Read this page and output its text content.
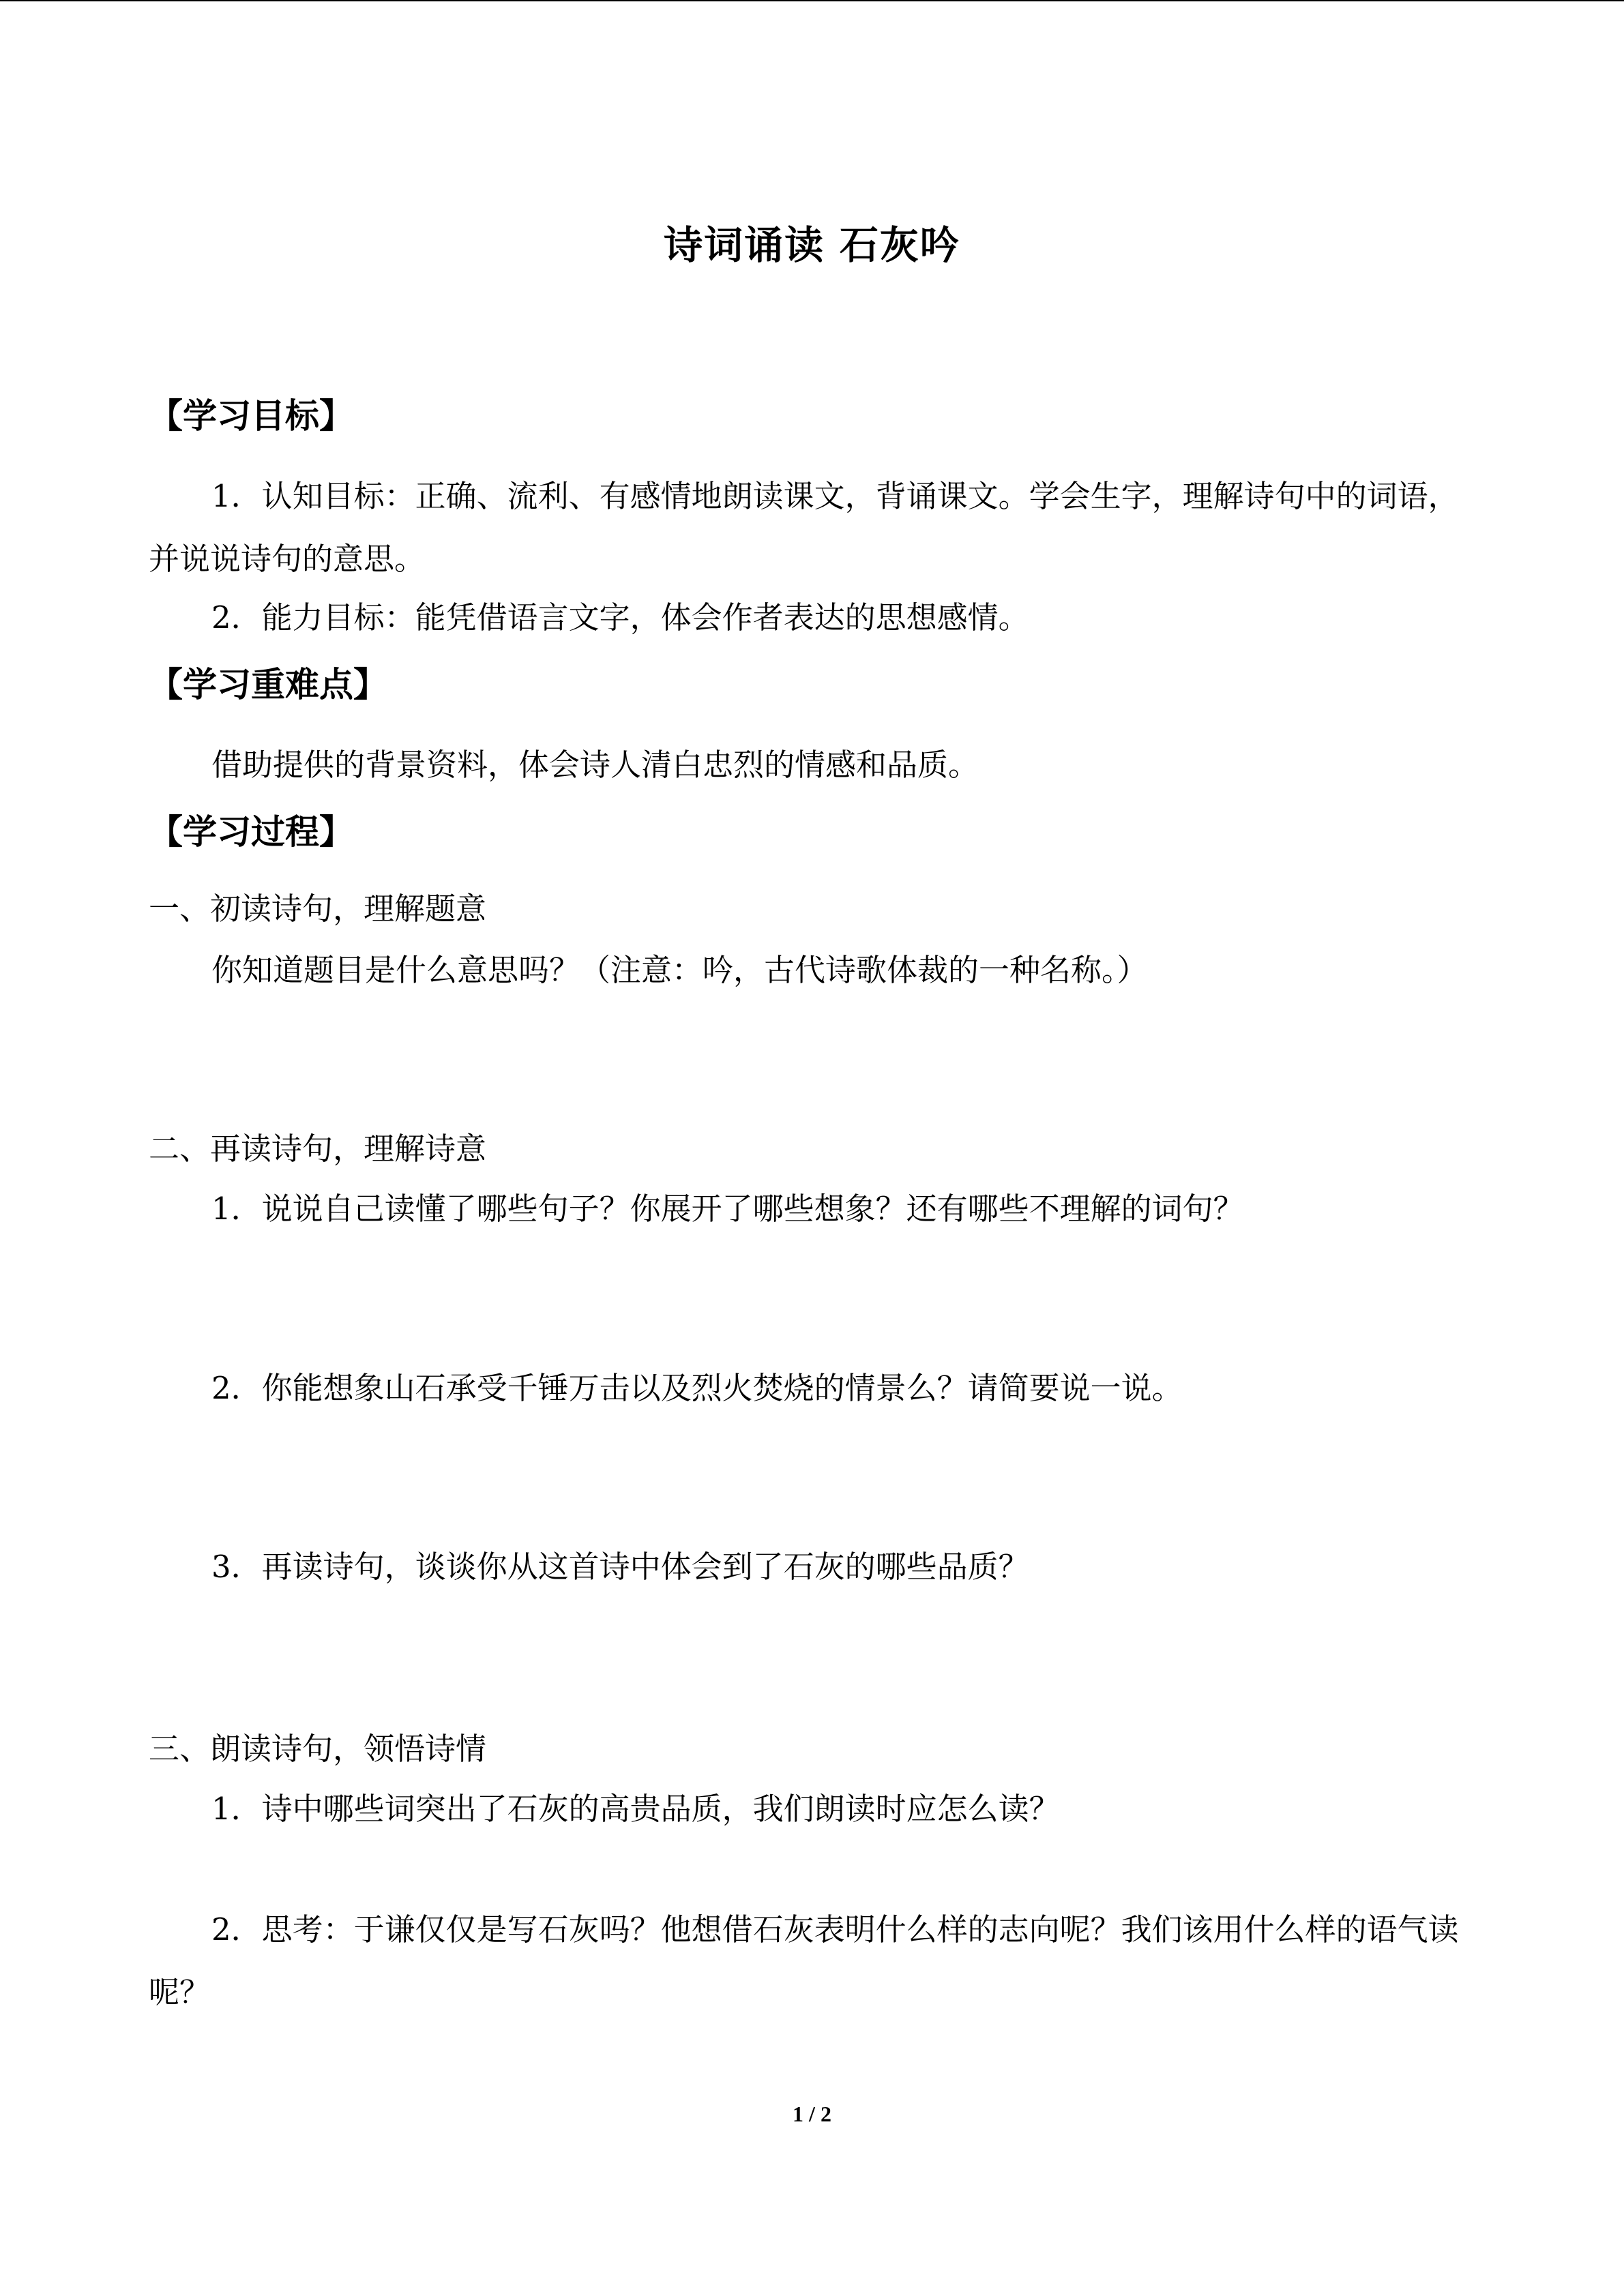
诗词诵读 石灰吟
【学习目标】
1．认知目标：正确、流利、有感情地朗读课文，背诵课文。学会生字，理解诗句中的词语，并说说诗句的意思。
2．能力目标：能凭借语言文字，体会作者表达的思想感情。
【学习重难点】
借助提供的背景资料，体会诗人清白忠烈的情感和品质。
【学习过程】
一、初读诗句，理解题意
你知道题目是什么意思吗？（注意：吟，古代诗歌体裁的一种名称。）
二、再读诗句，理解诗意
1．说说自己读懂了哪些句子？你展开了哪些想象？还有哪些不理解的词句？
2．你能想象山石承受千锤万击以及烈火焚烧的情景么？请简要说一说。
3．再读诗句，谈谈你从这首诗中体会到了石灰的哪些品质？
三、朗读诗句，领悟诗情
1．诗中哪些词突出了石灰的高贵品质，我们朗读时应怎么读？
2．思考：于谦仅仅是写石灰吗？他想借石灰表明什么样的志向呢？我们该用什么样的语气读呢？
1 / 2
